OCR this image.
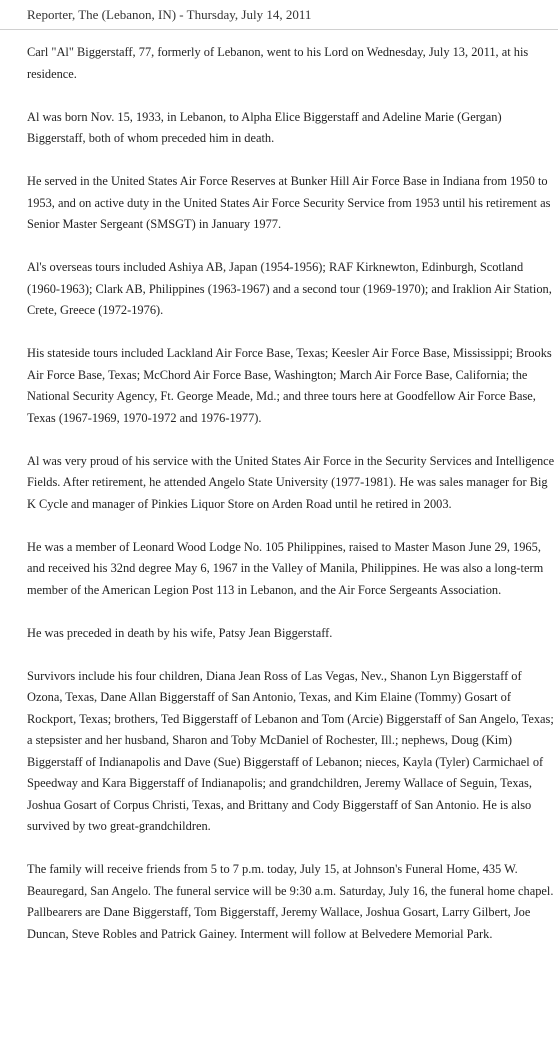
Reporter, The (Lebanon, IN) - Thursday, July 14, 2011

Carl "Al" Biggerstaff, 77, formerly of Lebanon, went to his Lord on Wednesday, July 13, 2011, at his residence.

Al was born Nov. 15, 1933, in Lebanon, to Alpha Elice Biggerstaff and Adeline Marie (Gergan) Biggerstaff, both of whom preceded him in death.

He served in the United States Air Force Reserves at Bunker Hill Air Force Base in Indiana from 1950 to 1953, and on active duty in the United States Air Force Security Service from 1953 until his retirement as Senior Master Sergeant (SMSGT) in January 1977.

Al's overseas tours included Ashiya AB, Japan (1954-1956); RAF Kirknewton, Edinburgh, Scotland (1960-1963); Clark AB, Philippines (1963-1967) and a second tour (1969-1970); and Iraklion Air Station, Crete, Greece (1972-1976).

His stateside tours included Lackland Air Force Base, Texas; Keesler Air Force Base, Mississippi; Brooks Air Force Base, Texas; McChord Air Force Base, Washington; March Air Force Base, California; the National Security Agency, Ft. George Meade, Md.; and three tours here at Goodfellow Air Force Base, Texas (1967-1969, 1970-1972 and 1976-1977).

Al was very proud of his service with the United States Air Force in the Security Services and Intelligence Fields. After retirement, he attended Angelo State University (1977-1981). He was sales manager for Big K Cycle and manager of Pinkies Liquor Store on Arden Road until he retired in 2003.

He was a member of Leonard Wood Lodge No. 105 Philippines, raised to Master Mason June 29, 1965, and received his 32nd degree May 6, 1967 in the Valley of Manila, Philippines. He was also a long-term member of the American Legion Post 113 in Lebanon, and the Air Force Sergeants Association.

He was preceded in death by his wife, Patsy Jean Biggerstaff.

Survivors include his four children, Diana Jean Ross of Las Vegas, Nev., Shanon Lyn Biggerstaff of Ozona, Texas, Dane Allan Biggerstaff of San Antonio, Texas, and Kim Elaine (Tommy) Gosart of Rockport, Texas; brothers, Ted Biggerstaff of Lebanon and Tom (Arcie) Biggerstaff of San Angelo, Texas; a stepsister and her husband, Sharon and Toby McDaniel of Rochester, Ill.; nephews, Doug (Kim) Biggerstaff of Indianapolis and Dave (Sue) Biggerstaff of Lebanon; nieces, Kayla (Tyler) Carmichael of Speedway and Kara Biggerstaff of Indianapolis; and grandchildren, Jeremy Wallace of Seguin, Texas, Joshua Gosart of Corpus Christi, Texas, and Brittany and Cody Biggerstaff of San Antonio. He is also survived by two great-grandchildren.

The family will receive friends from 5 to 7 p.m. today, July 15, at Johnson's Funeral Home, 435 W. Beauregard, San Angelo. The funeral service will be 9:30 a.m. Saturday, July 16, the funeral home chapel. Pallbearers are Dane Biggerstaff, Tom Biggerstaff, Jeremy Wallace, Joshua Gosart, Larry Gilbert, Joe Duncan, Steve Robles and Patrick Gainey. Interment will follow at Belvedere Memorial Park.
